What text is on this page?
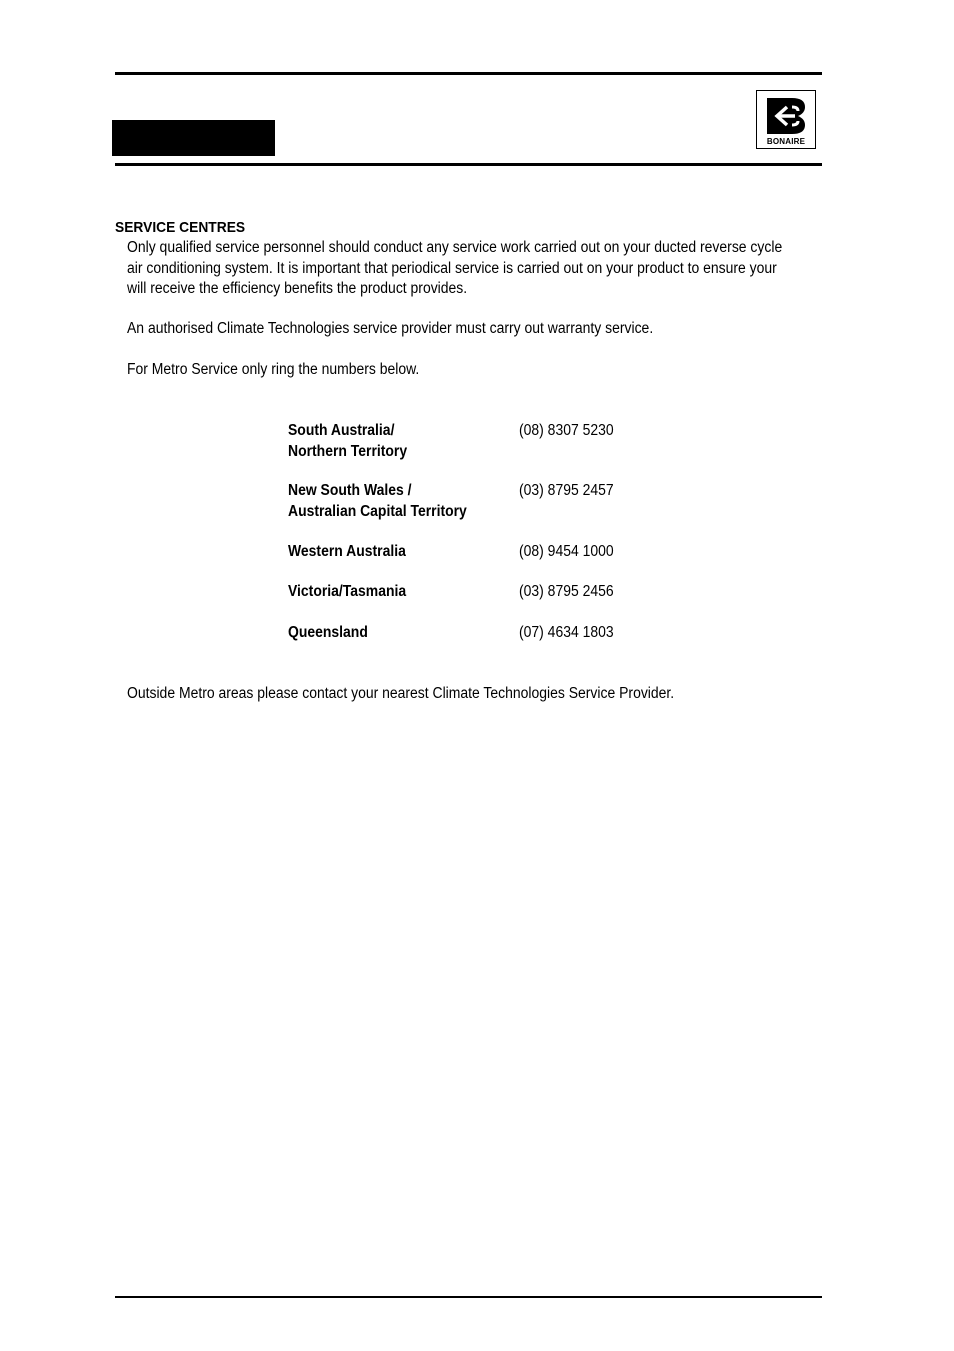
BONAIRE
SERVICE CENTRES
Only qualified service personnel should conduct any service work carried out on your ducted reverse cycle
air conditioning system. It is important that periodical service is carried out on your product to ensure your
will receive the efficiency benefits the product provides.
An authorised Climate Technologies service provider must carry out warranty service.
For Metro Service only ring the numbers below.
South Australia/
Northern Territory
(08) 8307 5230
New South Wales /
Australian Capital Territory
(03) 8795 2457
Western Australia	(08) 9454 1000
Victoria/Tasmania	(03) 8795 2456
Queensland	(07) 4634 1803
Outside Metro areas please contact your nearest Climate Technologies Service Provider.
